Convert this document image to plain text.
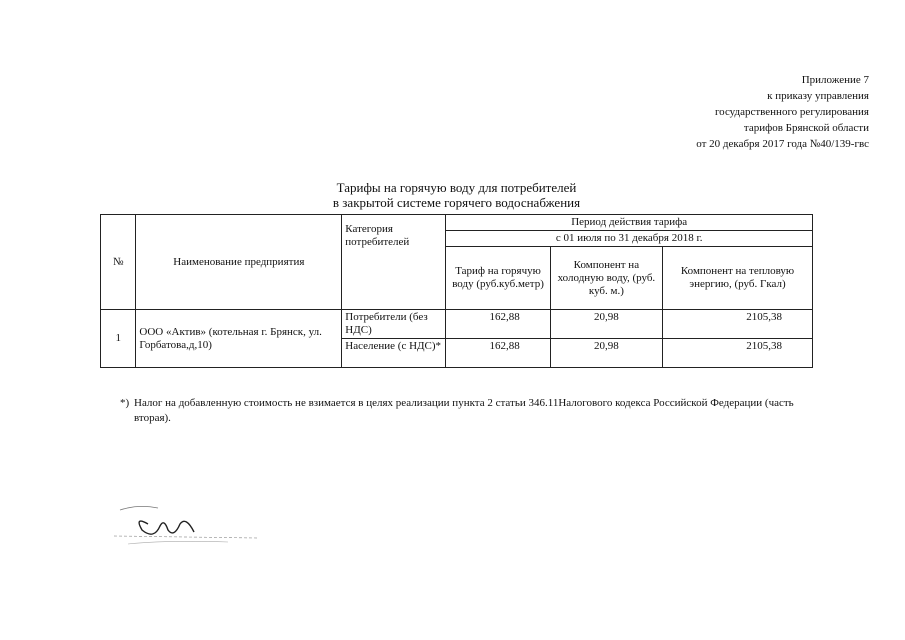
Приложение 7
к приказу управления
государственного регулирования
тарифов Брянской области
от 20 декабря 2017 года №40/139-гвс
Тарифы на горячую воду для потребителей
в закрытой системе горячего водоснабжения
№	Наименование предприятия	Категория потребителей	Период действия тарифа		
			с 01 июля по 31 декабря 2018 г.		
			Тариф на горячую воду (руб.куб.метр)	Компонент на холодную воду, (руб. куб. м.)	Компонент на тепловую энергию, (руб. Гкал)
1	ООО «Актив» (котельная г. Брянск, ул. Горбатова,д,10)	Потребители (без НДС)	162,88	20,98	2105,38
		Население (с НДС)*	162,88	20,98	2105,38
*) Налог на добавленную стоимость не взимается в целях реализации пункта 2 статьи 346.11Налогового кодекса Российской Федерации (часть вторая).
